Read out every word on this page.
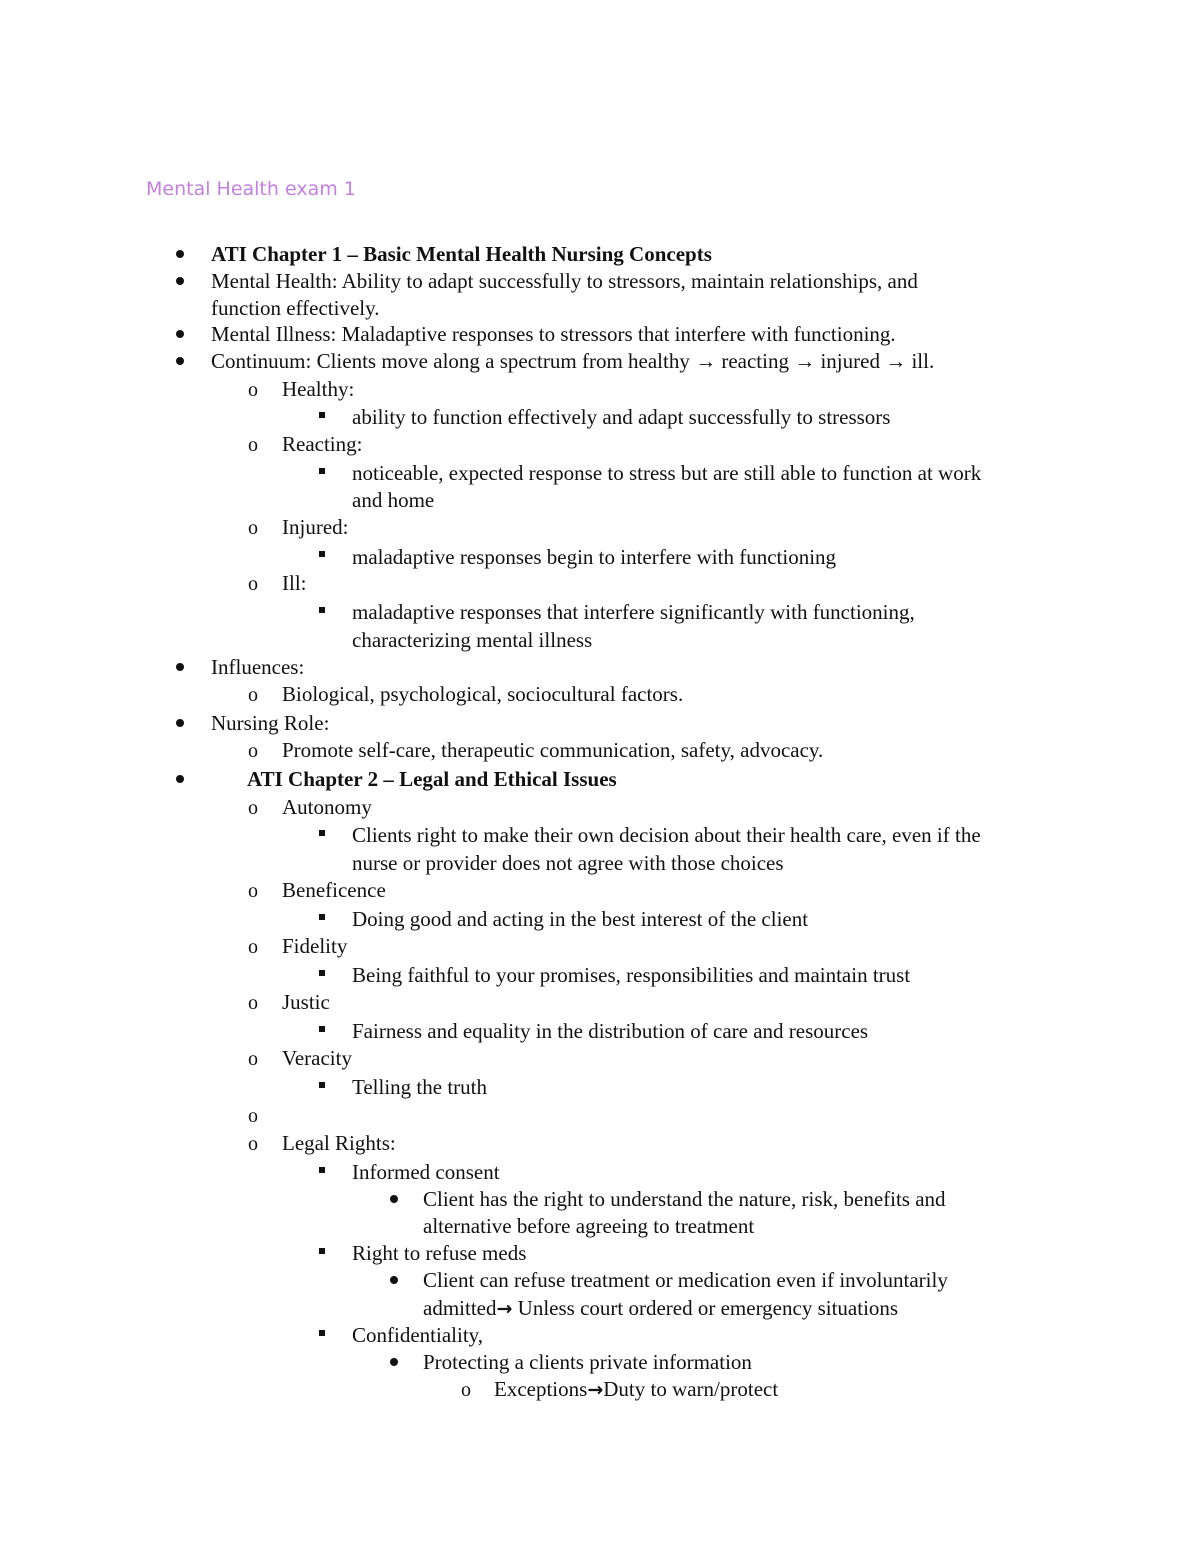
Mental Health exam 1
ATI Chapter 1 – Basic Mental Health Nursing Concepts
Mental Health: Ability to adapt successfully to stressors, maintain relationships, and
function effectively.
Mental Illness: Maladaptive responses to stressors that interfere with functioning.
Continuum: Clients move along a spectrum from healthy → reacting → injured → ill.
o Healthy:
ability to function effectively and adapt successfully to stressors
o Reacting:
noticeable, expected response to stress but are still able to function at work
and home
o Injured:
maladaptive responses begin to interfere with functioning
o Ill:
maladaptive responses that interfere significantly with functioning,
characterizing mental illness
Influences:
o Biological, psychological, sociocultural factors.
Nursing Role:
o Promote self-care, therapeutic communication, safety, advocacy.
ATI Chapter 2 – Legal and Ethical Issues
o Autonomy
Clients right to make their own decision about their health care, even if the
nurse or provider does not agree with those choices
o Beneficence
Doing good and acting in the best interest of the client
o Fidelity
Being faithful to your promises, responsibilities and maintain trust
o Justic
Fairness and equality in the distribution of care and resources
o Veracity
Telling the truth
o
o Legal Rights:
Informed consent
Client has the right to understand the nature, risk, benefits and
alternative before agreeing to treatment
Right to refuse meds
Client can refuse treatment or medication even if involuntarily
admitted→ Unless court ordered or emergency situations
Confidentiality,
Protecting a clients private information
o Exceptions→Duty to warn/protect
